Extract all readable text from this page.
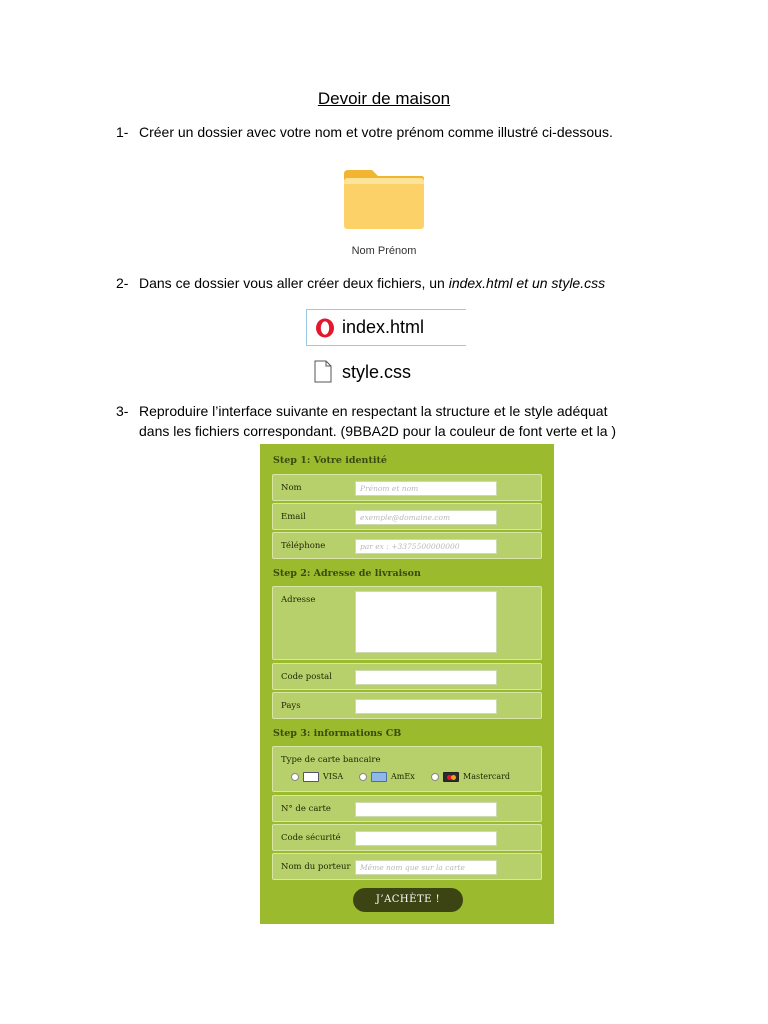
Devoir de maison
1- Créer un dossier avec votre nom et votre prénom comme illustré ci-dessous.
Nom Prénom
2- Dans ce dossier vous aller créer deux fichiers, un index.html et un style.css
index.html
style.css
3- Reproduire l’interface suivante en respectant la structure et le style adéquat
dans les fichiers correspondant. (9BBA2D pour la couleur de font verte et la )
Step 1: Votre identité
Nom	Prénom et nom
Email	exemple@domaine.com
Téléphone	par ex : +3375500000000
Step 2: Adresse de livraison
Adresse
Code postal
Pays
Step 3: informations CB
Type de carte bancaire
VISA	AmEx	Mastercard
N° de carte
Code sécurité
Nom du porteur	Même nom que sur la carte
J’ACHÈTE !
